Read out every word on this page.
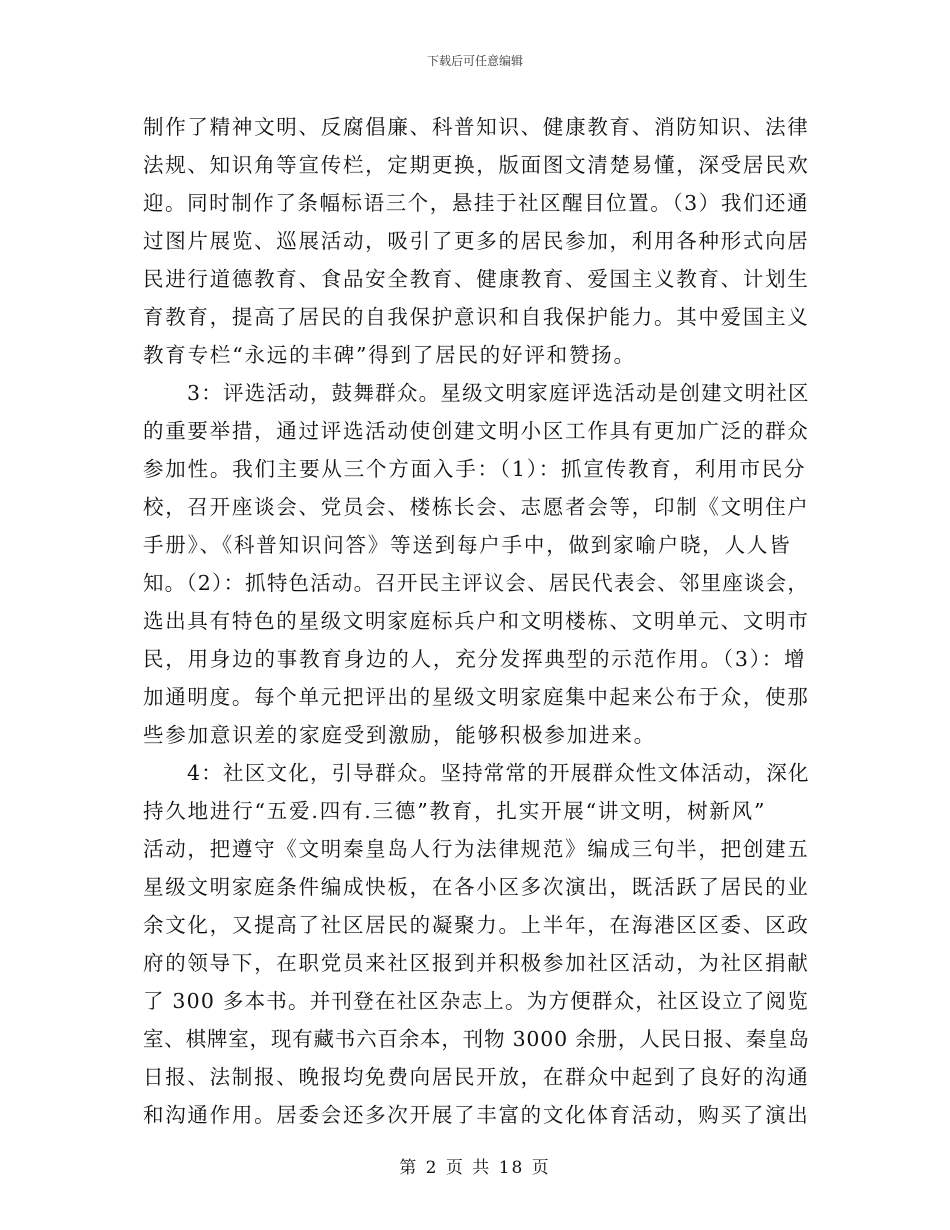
下载后可任意编辑
制作了精神文明、反腐倡廉、科普知识、健康教育、消防知识、法律
法规、知识角等宣传栏，定期更换，版面图文清楚易懂，深受居民欢
迎。同时制作了条幅标语三个，悬挂于社区醒目位置。（3）我们还通
过图片展览、巡展活动，吸引了更多的居民参加，利用各种形式向居
民进行道德教育、食品安全教育、健康教育、爱国主义教育、计划生
育教育，提高了居民的自我保护意识和自我保护能力。其中爱国主义
教育专栏“永远的丰碑”得到了居民的好评和赞扬。
3：评选活动，鼓舞群众。星级文明家庭评选活动是创建文明社区
的重要举措，通过评选活动使创建文明小区工作具有更加广泛的群众
参加性。我们主要从三个方面入手：（1）：抓宣传教育，利用市民分
校，召开座谈会、党员会、楼栋长会、志愿者会等，印制《文明住户
手册》、《科普知识问答》等送到每户手中，做到家喻户晓，人人皆
知。（2）：抓特色活动。召开民主评议会、居民代表会、邻里座谈会，
选出具有特色的星级文明家庭标兵户和文明楼栋、文明单元、文明市
民，用身边的事教育身边的人，充分发挥典型的示范作用。（3）：增
加通明度。每个单元把评出的星级文明家庭集中起来公布于众，使那
些参加意识差的家庭受到激励，能够积极参加进来。
4：社区文化，引导群众。坚持常常的开展群众性文体活动，深化
持久地进行“五爱.四有.三德”教育，扎实开展“讲文明，树新风”
活动，把遵守《文明秦皇岛人行为法律规范》编成三句半，把创建五
星级文明家庭条件编成快板，在各小区多次演出，既活跃了居民的业
余文化，又提高了社区居民的凝聚力。上半年，在海港区区委、区政
府的领导下，在职党员来社区报到并积极参加社区活动，为社区捐献
了 300 多本书。并刊登在社区杂志上。为方便群众，社区设立了阅览
室、棋牌室，现有藏书六百余本，刊物 3000 余册，人民日报、秦皇岛
日报、法制报、晚报均免费向居民开放，在群众中起到了良好的沟通
和沟通作用。居委会还多次开展了丰富的文化体育活动，购买了演出
第 2 页 共 18 页
